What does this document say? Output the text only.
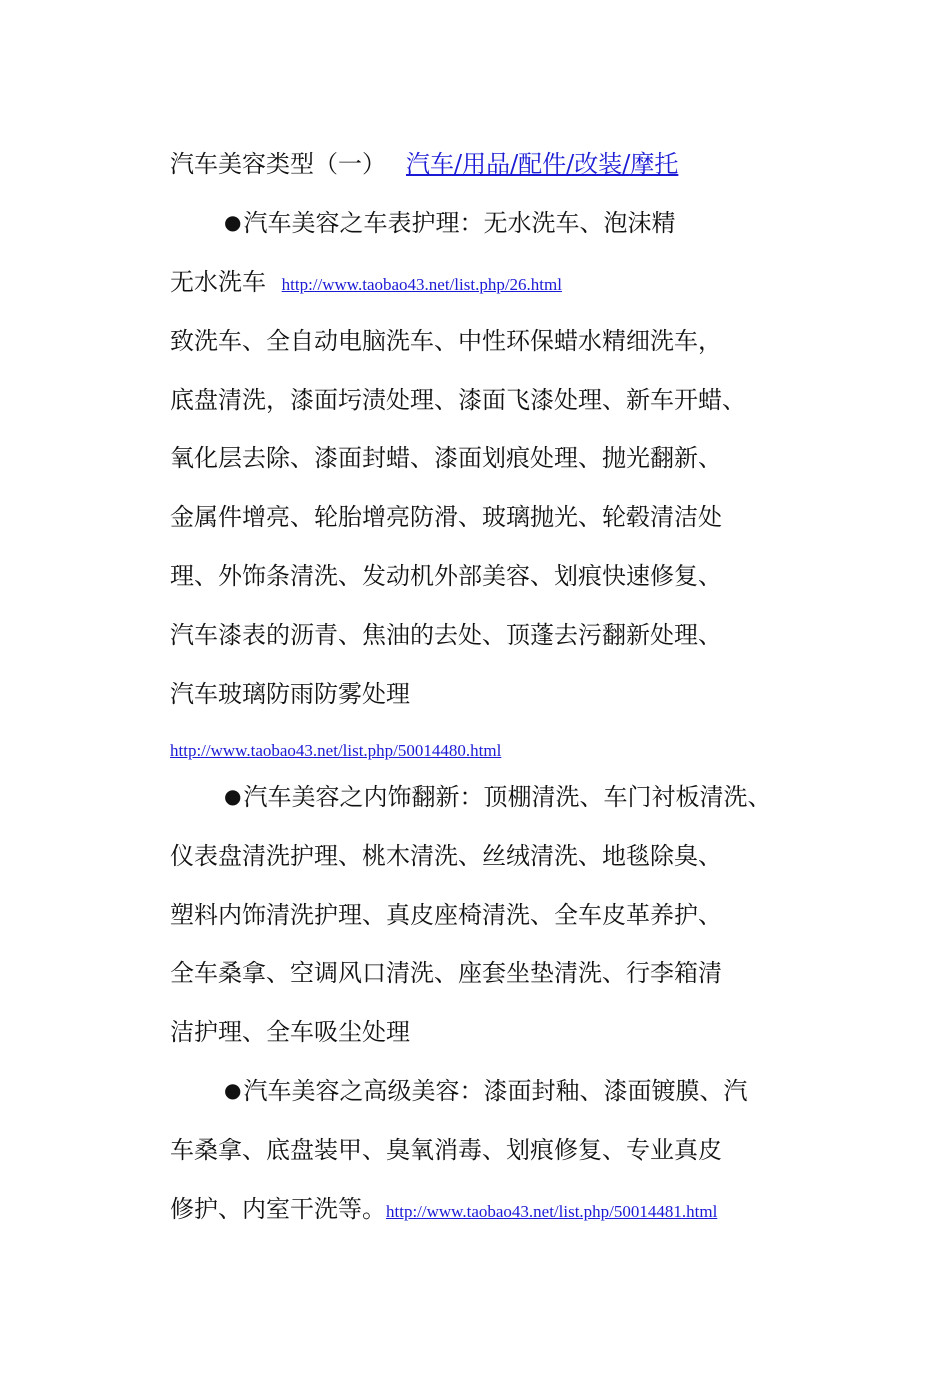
汽车美容类型（一） 汽车/用品/配件/改装/摩托
●汽车美容之车表护理：无水洗车、泡沫精
无水洗车 http://www.taobao43.net/list.php/26.html
致洗车、全自动电脑洗车、中性环保蜡水精细洗车，
底盘清洗，漆面圬渍处理、漆面飞漆处理、新车开蜡、
氧化层去除、漆面封蜡、漆面划痕处理、抛光翻新、
金属件增亮、轮胎增亮防滑、玻璃抛光、轮毂清洁处
理、外饰条清洗、发动机外部美容、划痕快速修复、
汽车漆表的沥青、焦油的去处、顶蓬去污翻新处理、
汽车玻璃防雨防雾处理
http://www.taobao43.net/list.php/50014480.html
●汽车美容之内饰翻新：顶棚清洗、车门衬板清洗、
仪表盘清洗护理、桃木清洗、丝绒清洗、地毯除臭、
塑料内饰清洗护理、真皮座椅清洗、全车皮革养护、
全车桑拿、空调风口清洗、座套坐垫清洗、行李箱清
洁护理、全车吸尘处理
●汽车美容之高级美容：漆面封釉、漆面镀膜、汽
车桑拿、底盘装甲、臭氧消毒、划痕修复、专业真皮
修护、内室干洗等。http://www.taobao43.net/list.php/50014481.html
